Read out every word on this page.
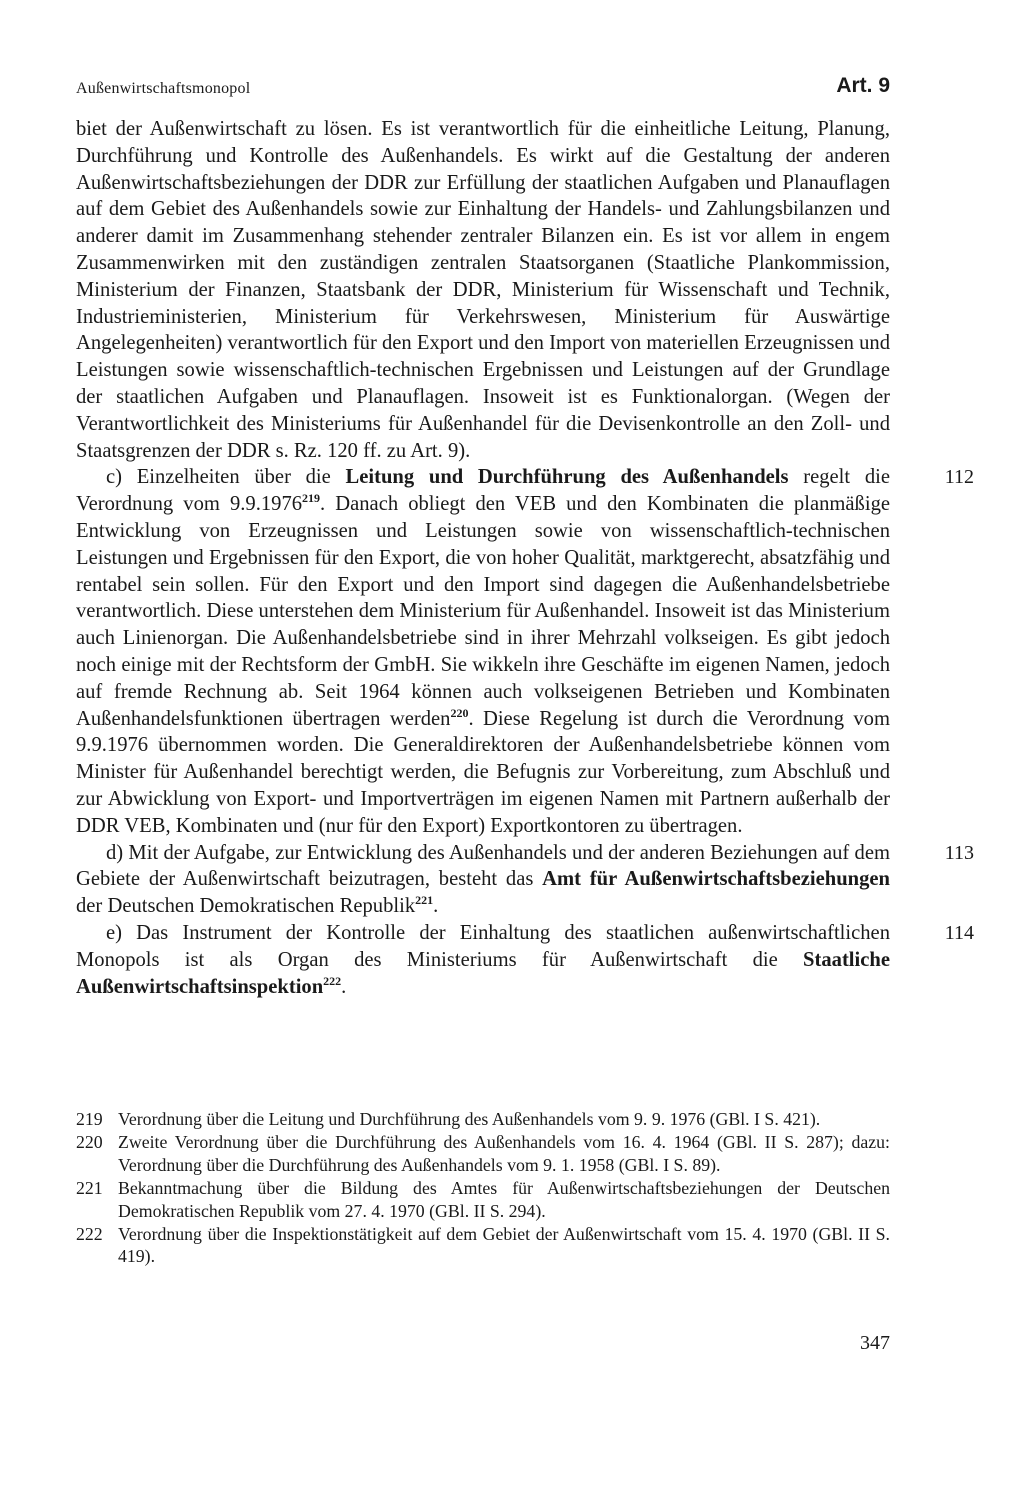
Außenwirtschaftsmonopol	Art. 9

biet der Außenwirtschaft zu lösen. Es ist verantwortlich für die einheitliche Leitung, Planung, Durchführung und Kontrolle des Außenhandels. Es wirkt auf die Gestaltung der anderen Außenwirtschaftsbeziehungen der DDR zur Erfüllung der staatlichen Aufgaben und Planauflagen auf dem Gebiet des Außenhandels sowie zur Einhaltung der Handels- und Zahlungsbilanzen und anderer damit im Zusammenhang stehender zentraler Bilanzen ein. Es ist vor allem in engem Zusammenwirken mit den zuständigen zentralen Staatsorganen (Staatliche Plankommission, Ministerium der Finanzen, Staatsbank der DDR, Ministerium für Wissenschaft und Technik, Industrieministerien, Ministerium für Verkehrswesen, Ministerium für Auswärtige Angelegenheiten) verantwortlich für den Export und den Import von materiellen Erzeugnissen und Leistungen sowie wissenschaftlich-technischen Ergebnissen und Leistungen auf der Grundlage der staatlichen Aufgaben und Planauflagen. Insoweit ist es Funktionalorgan. (Wegen der Verantwortlichkeit des Ministeriums für Außenhandel für die Devisenkontrolle an den Zoll- und Staatsgrenzen der DDR s. Rz. 120 ff. zu Art. 9).

112
c) Einzelheiten über die Leitung und Durchführung des Außenhandels regelt die Verordnung vom 9.9.1976$^{219}$. Danach obliegt den VEB und den Kombinaten die planmäßige Entwicklung von Erzeugnissen und Leistungen sowie von wissenschaftlich-technischen Leistungen und Ergebnissen für den Export, die von hoher Qualität, marktgerecht, absatzfähig und rentabel sein sollen. Für den Export und den Import sind dagegen die Außenhandelsbetriebe verantwortlich. Diese unterstehen dem Ministerium für Außenhandel. Insoweit ist das Ministerium auch Linienorgan. Die Außenhandelsbetriebe sind in ihrer Mehrzahl volkseigen. Es gibt jedoch noch einige mit der Rechtsform der GmbH. Sie wikkeln ihre Geschäfte im eigenen Namen, jedoch auf fremde Rechnung ab. Seit 1964 können auch volkseigenen Betrieben und Kombinaten Außenhandelsfunktionen übertragen werden$^{220}$. Diese Regelung ist durch die Verordnung vom 9.9.1976 übernommen worden. Die Generaldirektoren der Außenhandelsbetriebe können vom Minister für Außenhandel berechtigt werden, die Befugnis zur Vorbereitung, zum Abschluß und zur Abwicklung von Export- und Importverträgen im eigenen Namen mit Partnern außerhalb der DDR VEB, Kombinaten und (nur für den Export) Exportkontoren zu übertragen.

113
d) Mit der Aufgabe, zur Entwicklung des Außenhandels und der anderen Beziehungen auf dem Gebiete der Außenwirtschaft beizutragen, besteht das Amt für Außenwirtschaftsbeziehungen der Deutschen Demokratischen Republik$^{221}$.

114
e) Das Instrument der Kontrolle der Einhaltung des staatlichen außenwirtschaftlichen Monopols ist als Organ des Ministeriums für Außenwirtschaft die Staatliche Außenwirtschaftsinspektion$^{222}$.

219 Verordnung über die Leitung und Durchführung des Außenhandels vom 9. 9. 1976 (GBl. I S. 421).
220 Zweite Verordnung über die Durchführung des Außenhandels vom 16. 4. 1964 (GBl. II S. 287); dazu: Verordnung über die Durchführung des Außenhandels vom 9. 1. 1958 (GBl. I S. 89).
221 Bekanntmachung über die Bildung des Amtes für Außenwirtschaftsbeziehungen der Deutschen Demokratischen Republik vom 27. 4. 1970 (GBl. II S. 294).
222 Verordnung über die Inspektionstätigkeit auf dem Gebiet der Außenwirtschaft vom 15. 4. 1970 (GBl. II S. 419).
347
